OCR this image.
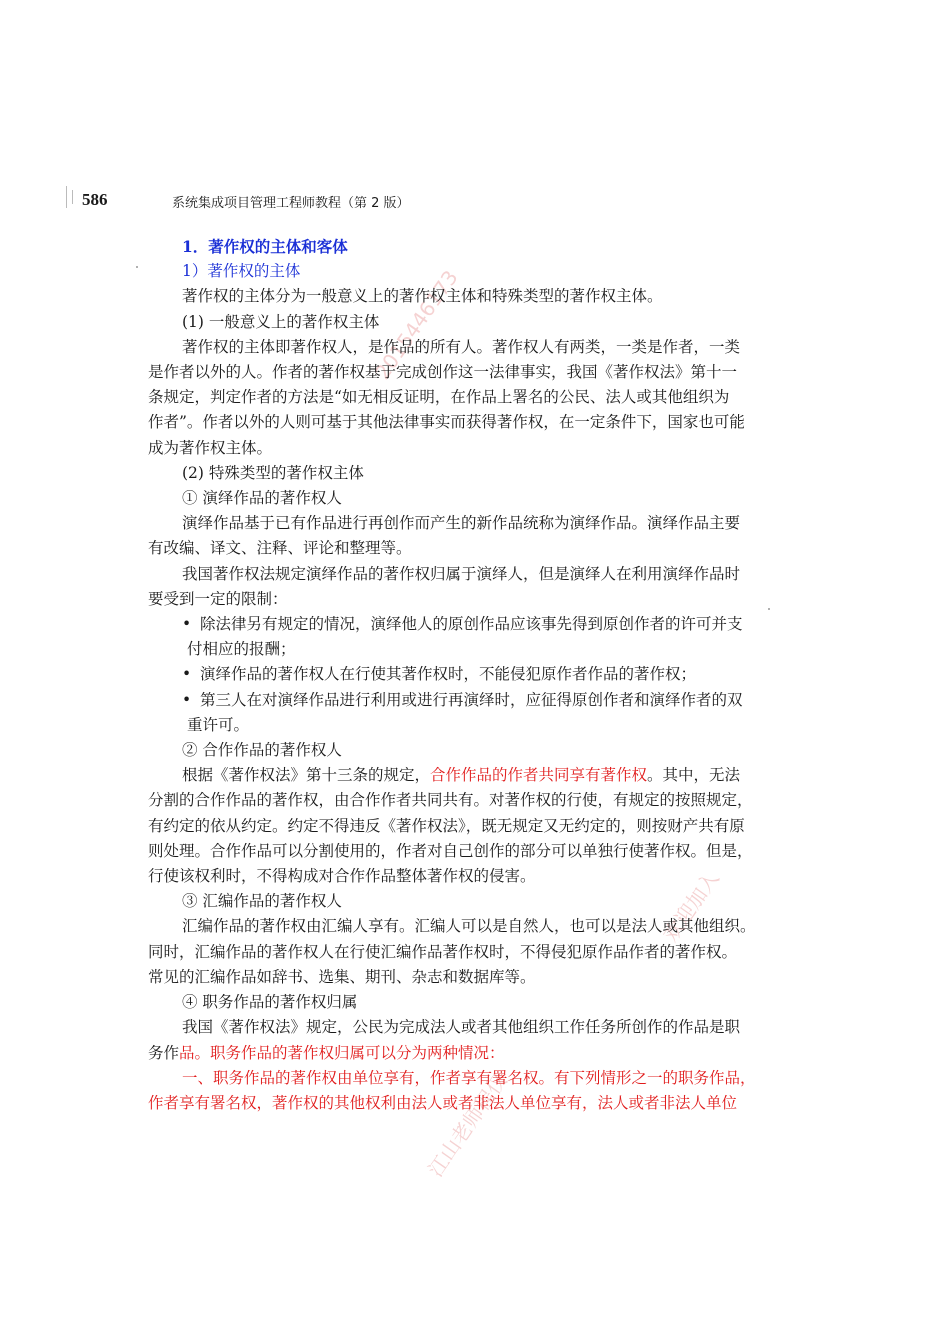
2015446173
欢迎加入
江山老师程仅
586	系统集成项目管理工程师教程（第 2 版）
1．著作权的主体和客体
1）著作权的主体
著作权的主体分为一般意义上的著作权主体和特殊类型的著作权主体。
(1) 一般意义上的著作权主体
著作权的主体即著作权人，是作品的所有人。著作权人有两类，一类是作者，一类
是作者以外的人。作者的著作权基于完成创作这一法律事实，我国《著作权法》第十一
条规定，判定作者的方法是“如无相反证明，在作品上署名的公民、法人或其他组织为
作者”。作者以外的人则可基于其他法律事实而获得著作权，在一定条件下，国家也可能
成为著作权主体。
(2) 特殊类型的著作权主体
① 演绎作品的著作权人
演绎作品基于已有作品进行再创作而产生的新作品统称为演绎作品。演绎作品主要
有改编、译文、注释、评论和整理等。
我国著作权法规定演绎作品的著作权归属于演绎人，但是演绎人在利用演绎作品时
要受到一定的限制：
• 除法律另有规定的情况，演绎他人的原创作品应该事先得到原创作者的许可并支
付相应的报酬；
• 演绎作品的著作权人在行使其著作权时，不能侵犯原作者作品的著作权；
• 第三人在对演绎作品进行利用或进行再演绎时，应征得原创作者和演绎作者的双
重许可。
② 合作作品的著作权人
根据《著作权法》第十三条的规定，合作作品的作者共同享有著作权。其中，无法
分割的合作作品的著作权，由合作作者共同共有。对著作权的行使，有规定的按照规定，
有约定的依从约定。约定不得违反《著作权法》，既无规定又无约定的，则按财产共有原
则处理。合作作品可以分割使用的，作者对自己创作的部分可以单独行使著作权。但是，
行使该权利时，不得构成对合作作品整体著作权的侵害。
③ 汇编作品的著作权人
汇编作品的著作权由汇编人享有。汇编人可以是自然人，也可以是法人或其他组织。
同时，汇编作品的著作权人在行使汇编作品著作权时，不得侵犯原作品作者的著作权。
常见的汇编作品如辞书、选集、期刊、杂志和数据库等。
④ 职务作品的著作权归属
我国《著作权法》规定，公民为完成法人或者其他组织工作任务所创作的作品是职
务作品。职务作品的著作权归属可以分为两种情况：
一、职务作品的著作权由单位享有，作者享有署名权。有下列情形之一的职务作品，
作者享有署名权，著作权的其他权利由法人或者非法人单位享有，法人或者非法人单位
